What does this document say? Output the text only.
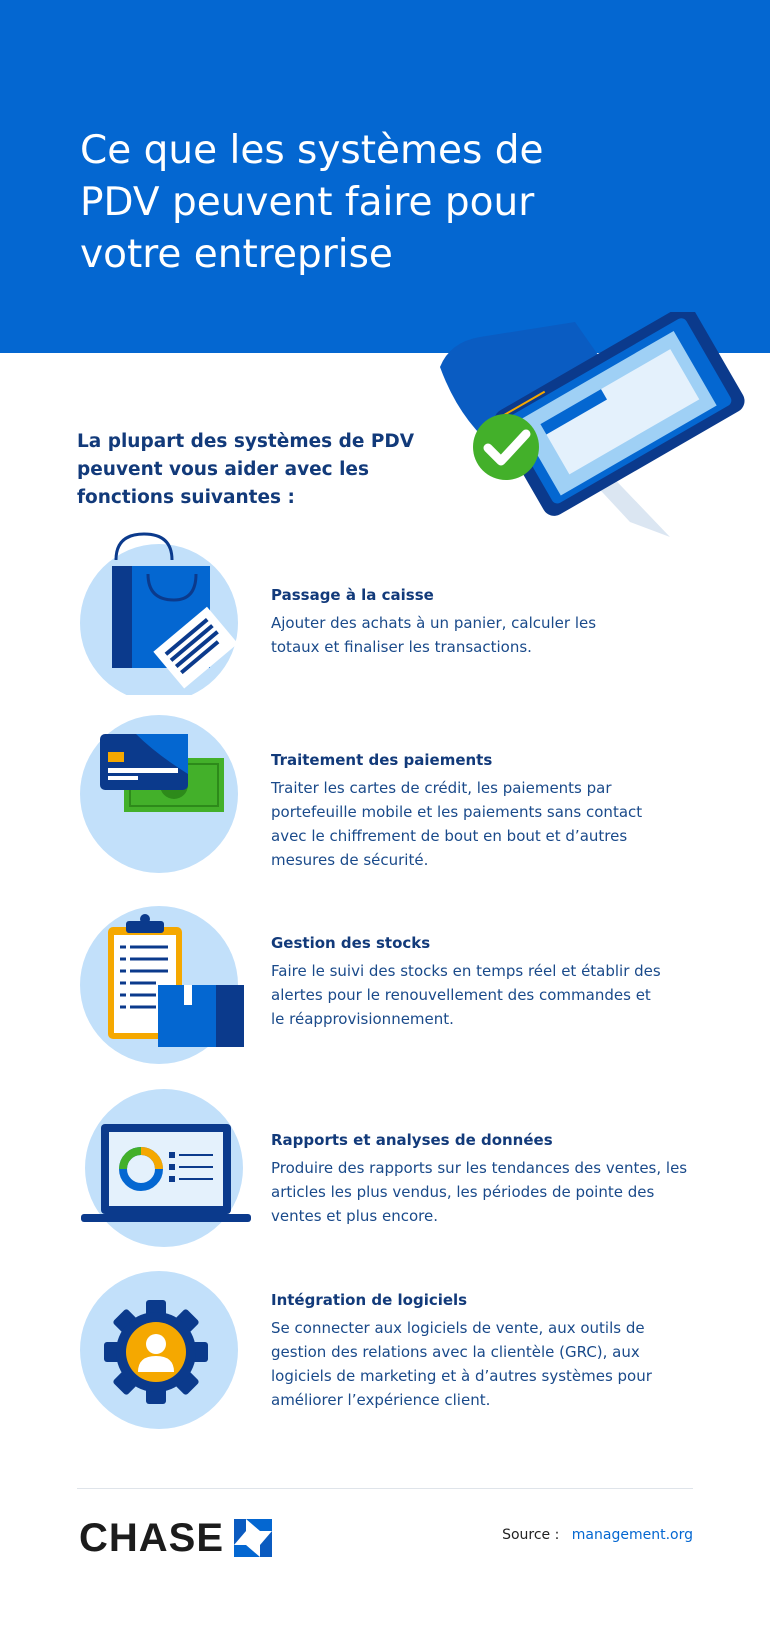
Ce que les systèmes de PDV peuvent faire pour votre entreprise

La plupart des systèmes de PDV peuvent vous aider avec les fonctions suivantes :

Passage à la caisse
Ajouter des achats à un panier, calculer les
totaux et finaliser les transactions.
Traitement des paiements
Traiter les cartes de crédit, les paiements par
portefeuille mobile et les paiements sans contact
avec le chiffrement de bout en bout et d’autres
mesures de sécurité.
Gestion des stocks
Faire le suivi des stocks en temps réel et établir des
alertes pour le renouvellement des commandes et
le réapprovisionnement.
Rapports et analyses de données
Produire des rapports sur les tendances des ventes, les
articles les plus vendus, les périodes de pointe des
ventes et plus encore.
Intégration de logiciels
Se connecter aux logiciels de vente, aux outils de
gestion des relations avec la clientèle (GRC), aux
logiciels de marketing et à d’autres systèmes pour
améliorer l’expérience client.
CHASE	Source : management.org
